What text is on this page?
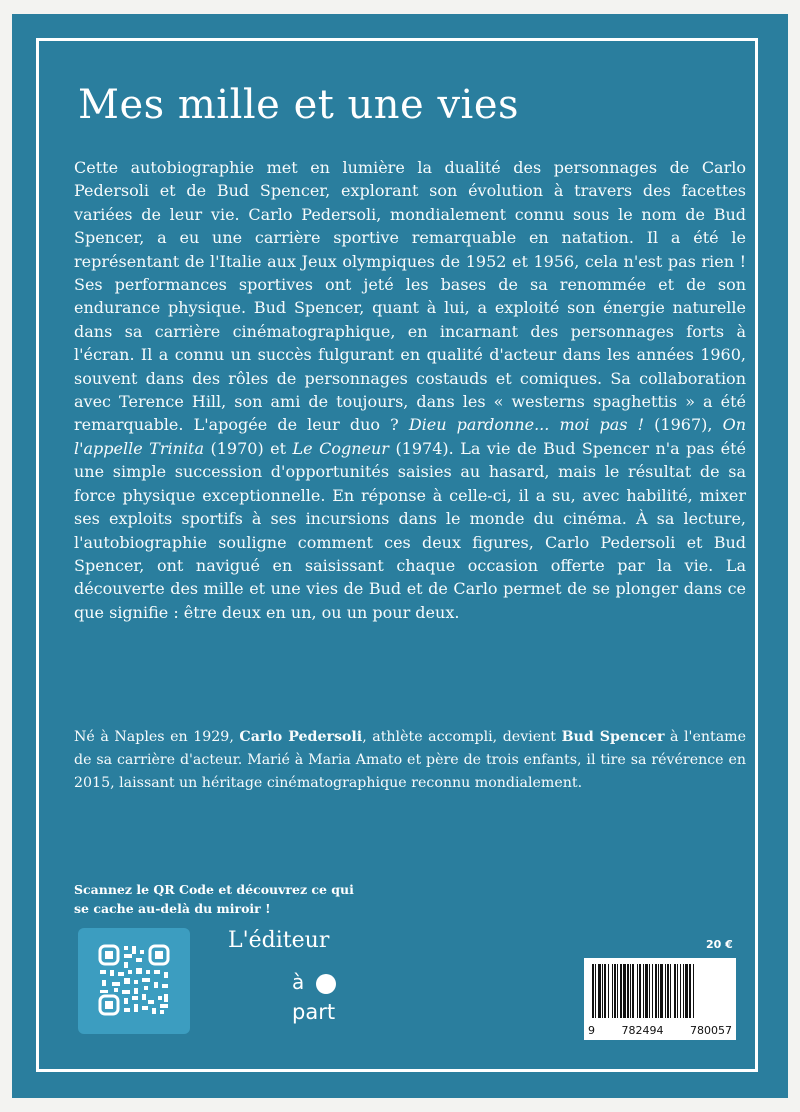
Mes mille et une vies

Cette autobiographie met en lumière la dualité des personnages de Carlo Pedersoli et de Bud Spencer, explorant son évolution à travers des facettes variées de leur vie. Carlo Pedersoli, mondialement connu sous le nom de Bud Spencer, a eu une carrière sportive remarquable en natation. Il a été le représentant de l'Italie aux Jeux olympiques de 1952 et 1956, cela n'est pas rien ! Ses performances sportives ont jeté les bases de sa renommée et de son endurance physique. Bud Spencer, quant à lui, a exploité son énergie naturelle dans sa carrière cinématographique, en incarnant des personnages forts à l'écran. Il a connu un succès fulgurant en qualité d'acteur dans les années 1960, souvent dans des rôles de personnages costauds et comiques. Sa collaboration avec Terence Hill, son ami de toujours, dans les « westerns spaghettis » a été remarquable. L'apogée de leur duo ? Dieu pardonne... moi pas ! (1967), On l'appelle Trinita (1970) et Le Cogneur (1974). La vie de Bud Spencer n'a pas été une simple succession d'opportunités saisies au hasard, mais le résultat de sa force physique exceptionnelle. En réponse à celle-ci, il a su, avec habilité, mixer ses exploits sportifs à ses incursions dans le monde du cinéma. À sa lecture, l'autobiographie souligne comment ces deux figures, Carlo Pedersoli et Bud Spencer, ont navigué en saisissant chaque occasion offerte par la vie. La découverte des mille et une vies de Bud et de Carlo permet de se plonger dans ce que signifie : être deux en un, ou un pour deux.

Né à Naples en 1929, Carlo Pedersoli, athlète accompli, devient Bud Spencer à l'entame de sa carrière d'acteur. Marié à Maria Amato et père de trois enfants, il tire sa révérence en 2015, laissant un héritage cinématographique reconnu mondialement.

Scannez le QR Code et découvrez ce qui se cache au-delà du miroir !

L'éditeur
à
part
20 €
9 782494 780057
